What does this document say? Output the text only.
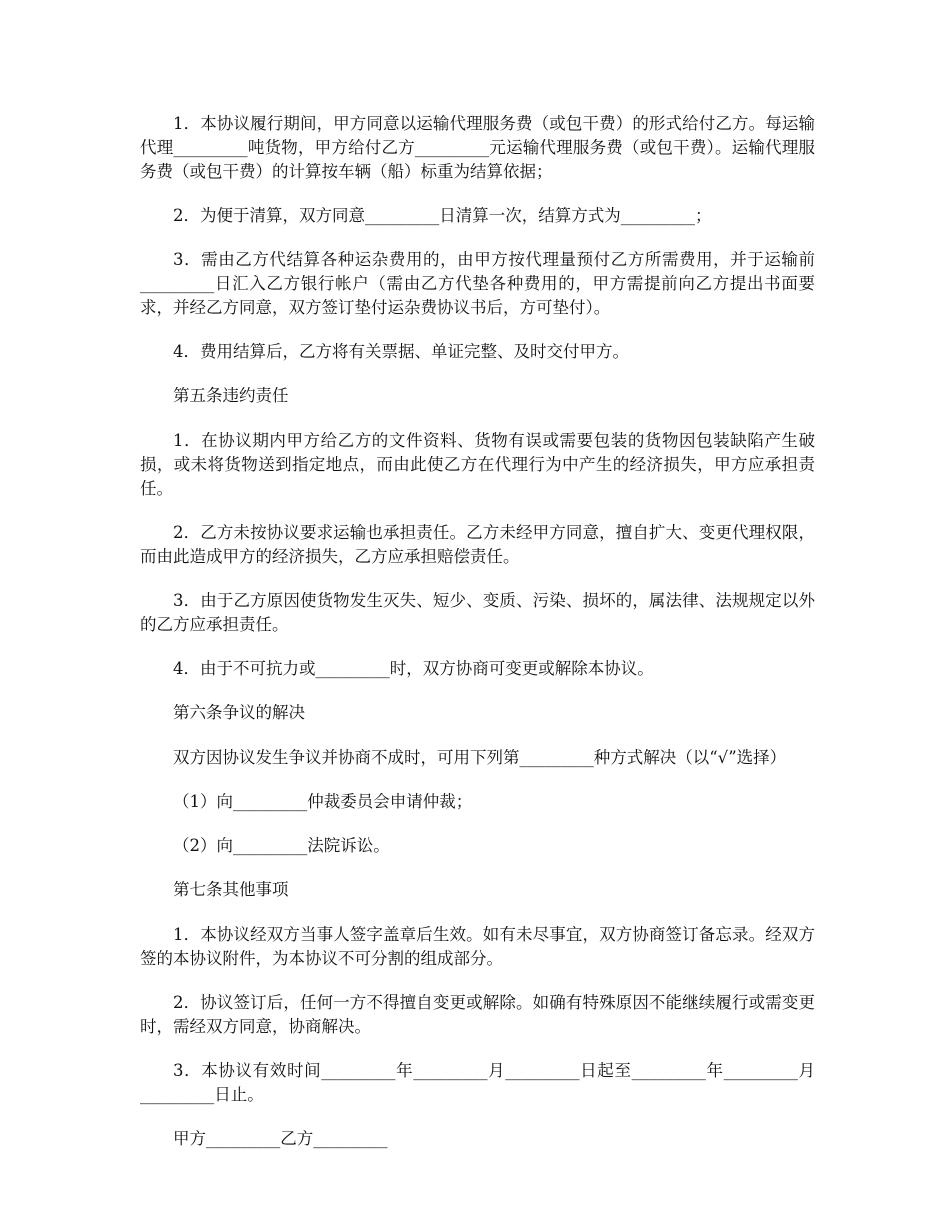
1．本协议履行期间，甲方同意以运输代理服务费（或包干费）的形式给付乙方。每运输代理_________吨货物，甲方给付乙方_________元运输代理服务费（或包干费）。运输代理服务费（或包干费）的计算按车辆（船）标重为结算依据；

2．为便于清算，双方同意_________日清算一次，结算方式为_________；

3．需由乙方代结算各种运杂费用的，由甲方按代理量预付乙方所需费用，并于运输前_________日汇入乙方银行帐户（需由乙方代垫各种费用的，甲方需提前向乙方提出书面要求，并经乙方同意，双方签订垫付运杂费协议书后，方可垫付）。

4．费用结算后，乙方将有关票据、单证完整、及时交付甲方。

第五条违约责任

1．在协议期内甲方给乙方的文件资料、货物有误或需要包装的货物因包装缺陷产生破损，或未将货物送到指定地点，而由此使乙方在代理行为中产生的经济损失，甲方应承担责任。

2．乙方未按协议要求运输也承担责任。乙方未经甲方同意，擅自扩大、变更代理权限，而由此造成甲方的经济损失，乙方应承担赔偿责任。

3．由于乙方原因使货物发生灭失、短少、变质、污染、损坏的，属法律、法规规定以外的乙方应承担责任。

4．由于不可抗力或_________时，双方协商可变更或解除本协议。

第六条争议的解决

双方因协议发生争议并协商不成时，可用下列第_________种方式解决（以“√”选择）

（1）向_________仲裁委员会申请仲裁；

（2）向_________法院诉讼。

第七条其他事项

1．本协议经双方当事人签字盖章后生效。如有未尽事宜，双方协商签订备忘录。经双方签的本协议附件，为本协议不可分割的组成部分。

2．协议签订后，任何一方不得擅自变更或解除。如确有特殊原因不能继续履行或需变更时，需经双方同意，协商解决。

3．本协议有效时间_________年_________月_________日起至_________年_________月_________日止。

甲方_________乙方_________
